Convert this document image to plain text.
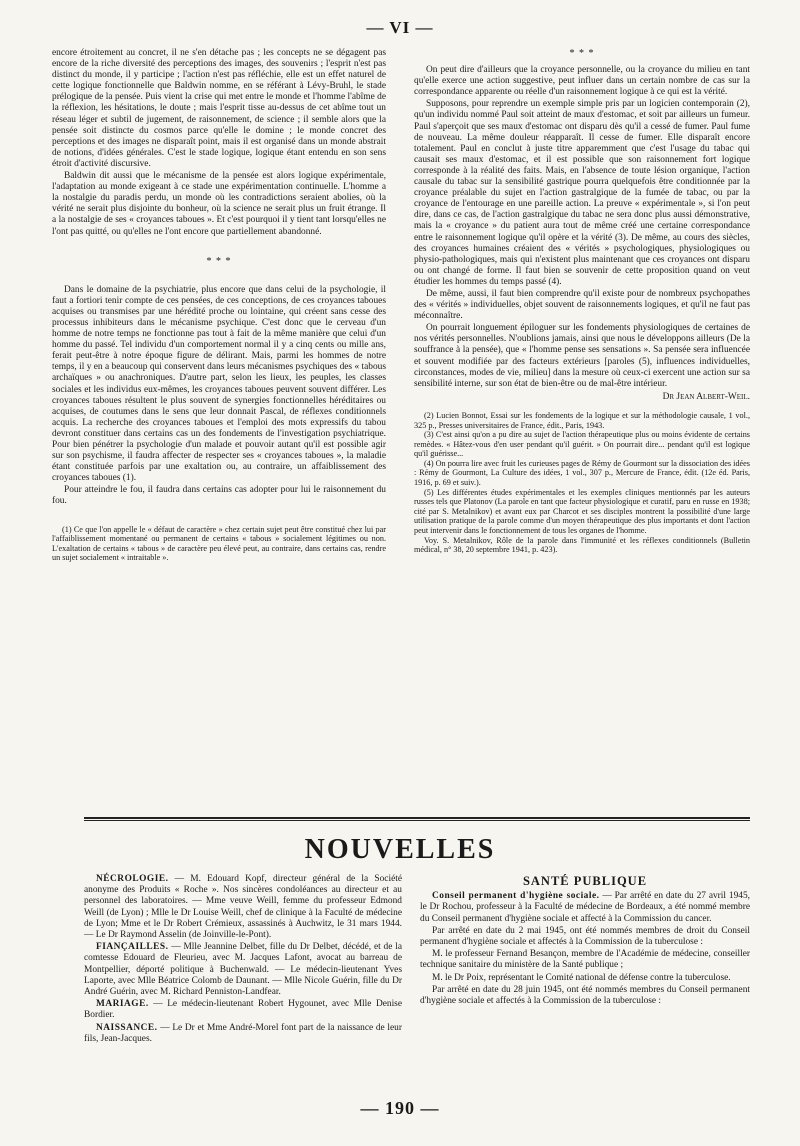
— VI —

encore étroitement au concret, il ne s'en détache pas ; les concepts ne se dégagent pas encore de la riche diversité des perceptions des images, des souvenirs ; l'esprit n'est pas distinct du monde, il y participe ; l'action n'est pas réfléchie, elle est un effet naturel de cette logique fonctionnelle que Baldwin nomme, en se référant à Lévy-Bruhl, le stade prélogique de la pensée. Puis vient la crise qui met entre le monde et l'homme l'abîme de la réflexion, les hésitations, le doute ; mais l'esprit tisse au-dessus de cet abîme tout un réseau léger et subtil de jugement, de raisonnement, de science ; il semble alors que la pensée soit distincte du cosmos parce qu'elle le domine ; le monde concret des perceptions et des images ne disparaît point, mais il est organisé dans un monde abstrait de notions, d'idées générales. C'est le stade logique, logique étant entendu en son sens étroit d'activité discursive.

Baldwin dit aussi que le mécanisme de la pensée est alors logique expérimentale, l'adaptation au monde exigeant à ce stade une expérimentation continuelle. L'homme a la nostalgie du paradis perdu, un monde où les contradictions seraient abolies, où la vérité ne serait plus disjointe du bonheur, où la science ne serait plus un fruit étrange. Il a la nostalgie de ses « croyances taboues ». Et c'est pourquoi il y tient tant lorsqu'elles ne l'ont pas quitté, ou qu'elles ne l'ont encore que partiellement abandonné.

* * *

Dans le domaine de la psychiatrie, plus encore que dans celui de la psychologie, il faut a fortiori tenir compte de ces pensées, de ces conceptions, de ces croyances taboues acquises ou transmises par une hérédité proche ou lointaine, qui créent sans cesse des processus inhibiteurs dans le mécanisme psychique. C'est donc que le cerveau d'un homme de notre temps ne fonctionne pas tout à fait de la même manière que celui d'un homme du passé. Tel individu d'un comportement normal il y a cinq cents ou mille ans, ferait peut-être à notre époque figure de délirant. Mais, parmi les hommes de notre temps, il y en a beaucoup qui conservent dans leurs mécanismes psychiques des « tabous archaïques » ou anachroniques. D'autre part, selon les lieux, les peuples, les classes sociales et les individus eux-mêmes, les croyances taboues peuvent souvent différer. Les croyances taboues résultent le plus souvent de synergies fonctionnelles héréditaires ou acquises, de coutumes dans le sens que leur donnait Pascal, de réflexes conditionnels acquis. La recherche des croyances taboues et l'emploi des mots expressifs du tabou devront constituer dans certains cas un des fondements de l'investigation psychiatrique. Pour bien pénétrer la psychologie d'un malade et pouvoir autant qu'il est possible agir sur son psychisme, il faudra affecter de respecter ses « croyances taboues », la maladie étant constituée parfois par une exaltation ou, au contraire, un affaiblissement des croyances taboues (1).

Pour atteindre le fou, il faudra dans certains cas adopter pour lui le raisonnement du fou.

(1) Ce que l'on appelle le « défaut de caractère » chez certain sujet peut être constitué chez lui par l'affaiblissement momentané ou permanent de certains « tabous » socialement légitimes ou non. L'exaltation de certains « tabous » de caractère peu élevé peut, au contraire, dans certains cas, rendre un sujet socialement « intraitable ».

* * *

On peut dire d'ailleurs que la croyance personnelle, ou la croyance du milieu en tant qu'elle exerce une action suggestive, peut influer dans un certain nombre de cas sur la correspondance apparente ou réelle d'un raisonnement logique à ce qui est la vérité.

Supposons, pour reprendre un exemple simple pris par un logicien contemporain (2), qu'un individu nommé Paul soit atteint de maux d'estomac, et soit par ailleurs un fumeur. Paul s'aperçoit que ses maux d'estomac ont disparu dès qu'il a cessé de fumer. Paul fume de nouveau. La même douleur réapparaît. Il cesse de fumer. Elle disparaît encore totalement. Paul en conclut à juste titre apparemment que c'est l'usage du tabac qui causait ses maux d'estomac, et il est possible que son raisonnement fort logique corresponde à la réalité des faits. Mais, en l'absence de toute lésion organique, l'action causale du tabac sur la sensibilité gastrique pourra quelquefois être conditionnée par la croyance préalable du sujet en l'action gastralgique de la fumée de tabac, ou par la croyance de l'entourage en une pareille action. La preuve « expérimentale », si l'on peut dire, dans ce cas, de l'action gastralgique du tabac ne sera donc plus aussi démonstrative, mais la « croyance » du patient aura tout de même créé une certaine correspondance entre le raisonnement logique qu'il opère et la vérité (3). De même, au cours des siècles, des croyances humaines créaient des « vérités » psychologiques, physiologiques ou physio-pathologiques, mais qui n'existent plus maintenant que ces croyances ont disparu ou ont changé de forme. Il faut bien se souvenir de cette proposition quand on veut étudier les hommes du temps passé (4).

De même, aussi, il faut bien comprendre qu'il existe pour de nombreux psychopathes des « vérités » individuelles, objet souvent de raisonnements logiques, et qu'il ne faut pas méconnaître.

On pourrait longuement épiloguer sur les fondements physiologiques de certaines de nos vérités personnelles. N'oublions jamais, ainsi que nous le développons ailleurs (De la souffrance à la pensée), que « l'homme pense ses sensations ». Sa pensée sera influencée et souvent modifiée par des facteurs extérieurs [paroles (5), influences individuelles, circonstances, modes de vie, milieu] dans la mesure où ceux-ci exercent une action sur sa sensibilité interne, sur son état de bien-être ou de mal-être intérieur.

Dr Jean Albert-Weil.

(2) Lucien Bonnot, Essai sur les fondements de la logique et sur la méthodologie causale, 1 vol., 325 p., Presses universitaires de France, édit., Paris, 1943.

(3) C'est ainsi qu'on a pu dire au sujet de l'action thérapeutique plus ou moins évidente de certains remèdes. « Hâtez-vous d'en user pendant qu'il guérit. » On pourrait dire... pendant qu'il est logique qu'il guérisse...

(4) On pourra lire avec fruit les curieuses pages de Rémy de Gourmont sur la dissociation des idées : Rémy de Gourmont, La Culture des idées, 1 vol., 307 p., Mercure de France, édit. (12e éd. Paris, 1916, p. 69 et suiv.).

(5) Les différentes études expérimentales et les exemples cliniques mentionnés par les auteurs russes tels que Platonov (La parole en tant que facteur physiologique et curatif, paru en russe en 1938; cité par S. Metalnikov) et avant eux par Charcot et ses disciples montrent la possibilité d'une large utilisation pratique de la parole comme d'un moyen thérapeutique des plus importants et dont l'action peut intervenir dans le fonctionnement de tous les organes de l'homme.

Voy. S. Metalnikov, Rôle de la parole dans l'immunité et les réflexes conditionnels (Bulletin médical, n° 38, 20 septembre 1941, p. 423).

NOUVELLES

NÉCROLOGIE. — M. Edouard Kopf, directeur général de la Société anonyme des Produits « Roche ». Nos sincères condoléances au directeur et au personnel des laboratoires. — Mme veuve Weill, femme du professeur Edmond Weill (de Lyon) ; Mlle le Dr Louise Weill, chef de clinique à la Faculté de médecine de Lyon; Mme et le Dr Robert Crémieux, assassinés à Auchwitz, le 31 mars 1944. — Le Dr Raymond Asselin (de Joinville-le-Pont).

FIANÇAILLES. — Mlle Jeannine Delbet, fille du Dr Delbet, décédé, et de la comtesse Edouard de Fleurieu, avec M. Jacques Lafont, avocat au barreau de Montpellier, déporté politique à Buchenwald. — Le médecin-lieutenant Yves Laporte, avec Mlle Béatrice Colomb de Daunant. — Mlle Nicole Guérin, fille du Dr André Guérin, avec M. Richard Penniston-Landfear.

MARIAGE. — Le médecin-lieutenant Robert Hygounet, avec Mlle Denise Bordier.

NAISSANCE. — Le Dr et Mme André-Morel font part de la naissance de leur fils, Jean-Jacques.

SANTÉ PUBLIQUE

Conseil permanent d'hygiène sociale. — Par arrêté en date du 27 avril 1945, le Dr Rochou, professeur à la Faculté de médecine de Bordeaux, a été nommé membre du Conseil permanent d'hygiène sociale et affecté à la Commission du cancer.

Par arrêté en date du 2 mai 1945, ont été nommés membres de droit du Conseil permanent d'hygiène sociale et affectés à la Commission de la tuberculose :

M. le professeur Fernand Besançon, membre de l'Académie de médecine, conseiller technique sanitaire du ministère de la Santé publique ;

M. le Dr Poix, représentant le Comité national de défense contre la tuberculose.

Par arrêté en date du 28 juin 1945, ont été nommés membres du Conseil permanent d'hygiène sociale et affectés à la Commission de la tuberculose :

— 190 —
